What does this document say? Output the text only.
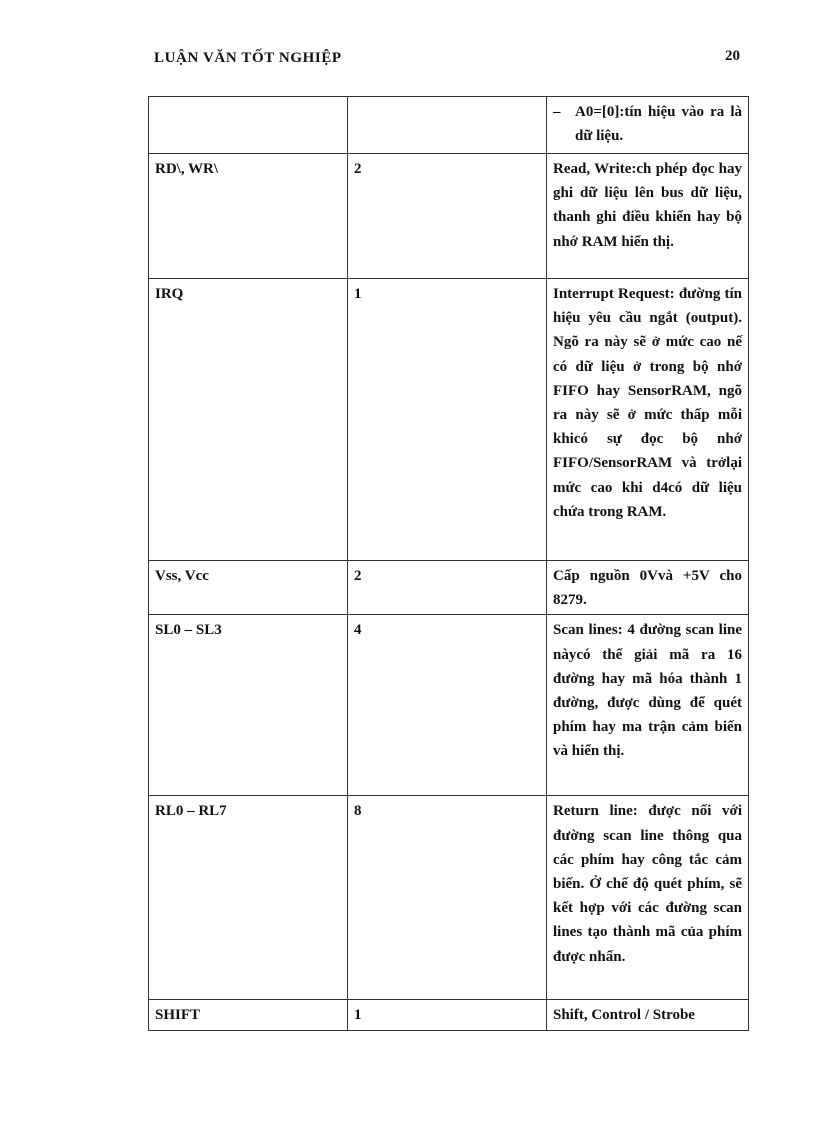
LUẬN VĂN TỐT NGHIỆP	20

		– A0=[0]:tín hiệu vào ra là dữ liệu.

RD\, WR\	2	Read, Write:ch phép đọc hay ghi dữ liệu lên bus dữ liệu, thanh ghi điều khiển hay bộ nhớ RAM hiển thị.
IRQ	1	Interrupt Request: đường tín hiệu yêu cầu ngắt (output). Ngõ ra này sẽ ở mức cao nế có dữ liệu ở trong bộ nhớ FIFO hay SensorRAM, ngõ ra này sẽ ở mức thấp mỗi khicó sự đọc bộ nhớ FIFO/SensorRAM và trởlại mức cao khi d4có dữ liệu chứa trong RAM.
Vss, Vcc	2	Cấp nguồn 0Vvà +5V cho 8279.
SL0 – SL3	4	Scan lines: 4 đường scan line nàycó thể giải mã ra 16 đường hay mã hóa thành 1 đường, được dùng để quét phím hay ma trận cảm biến và hiển thị.
RL0 – RL7	8	Return line: được nối với đường scan line thông qua các phím hay công tắc cảm biến. Ở chế độ quét phím, sẽ kết hợp với các đường scan lines tạo thành mã của phím được nhấn.
SHIFT	1	Shift, Control / Strobe
